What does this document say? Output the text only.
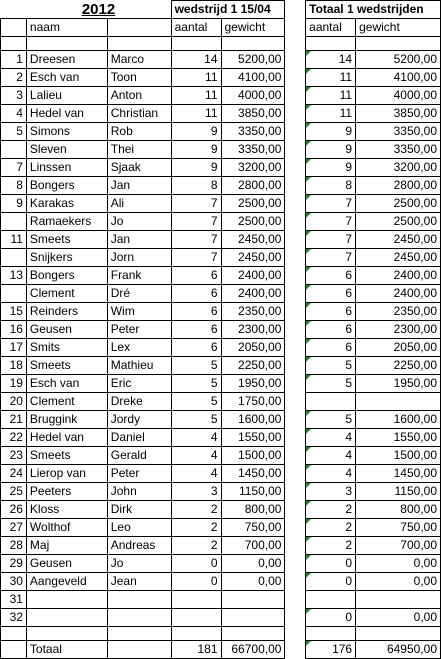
	2012		wedstrijd 1 15/04			Totaal 1 wedstrijden	
	naam		aantal	gewicht		aantal	gewicht

1	Dreesen	Marco	14	5200,00		14	5200,00
2	Esch van	Toon	11	4100,00		11	4100,00
3	Lalieu	Anton	11	4000,00		11	4000,00
4	Hedel van	Christian	11	3850,00		11	3850,00
5	Simons	Rob	9	3350,00		9	3350,00
	Sleven	Thei	9	3350,00		9	3350,00
7	Linssen	Sjaak	9	3200,00		9	3200,00
8	Bongers	Jan	8	2800,00		8	2800,00
9	Karakas	Ali	7	2500,00		7	2500,00
	Ramaekers	Jo	7	2500,00		7	2500,00
11	Smeets	Jan	7	2450,00		7	2450,00
	Snijkers	Jorn	7	2450,00		7	2450,00
13	Bongers	Frank	6	2400,00		6	2400,00
	Clement	Dré	6	2400,00		6	2400,00
15	Reinders	Wim	6	2350,00		6	2350,00
16	Geusen	Peter	6	2300,00		6	2300,00
17	Smits	Lex	6	2050,00		6	2050,00
18	Smeets	Mathieu	5	2250,00		5	2250,00
19	Esch van	Eric	5	1950,00		5	1950,00
20	Clement	Dreke	5	1750,00			
21	Bruggink	Jordy	5	1600,00		5	1600,00
22	Hedel van	Daniel	4	1550,00		4	1550,00
23	Smeets	Gerald	4	1500,00		4	1500,00
24	Lierop van	Peter	4	1450,00		4	1450,00
25	Peeters	John	3	1150,00		3	1150,00
26	Kloss	Dirk	2	800,00		2	800,00
27	Wolthof	Leo	2	750,00		2	750,00
28	Maj	Andreas	2	700,00		2	700,00
29	Geusen	Jo	0	0,00		0	0,00
30	Aangeveld	Jean	0	0,00		0	0,00
31							
32						0	0,00

	Totaal		181	66700,00		176	64950,00
